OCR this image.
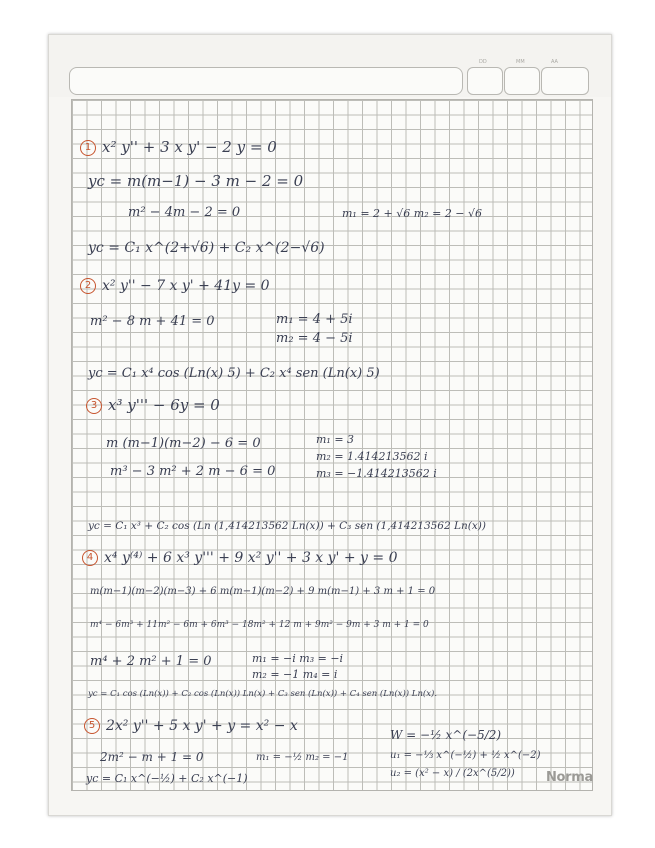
DD	MM	AA
1 x² y'' + 3 x y' − 2 y = 0
yc = m(m−1) − 3 m − 2 = 0
m² − 4m − 2 = 0	m₁ = 2 + √6 m₂ = 2 − √6
yc = C₁ x^(2+√6) + C₂ x^(2−√6)
2 x² y'' − 7 x y' + 41y = 0
m² − 8 m + 41 = 0	m₁ = 4 + 5i
m₂ = 4 − 5i
yc = C₁ x⁴ cos (Ln(x) 5) + C₂ x⁴ sen (Ln(x) 5)
3 x³ y''' − 6y = 0
m (m−1)(m−2) − 6 = 0	m₁ = 3
m₂ = 1.414213562 i
m³ − 3 m² + 2 m − 6 = 0	m₃ = −1.414213562 i
yc = C₁ x³ + C₂ cos (Ln (1,414213562 Ln(x)) + C₃ sen (1,414213562 Ln(x))
4 x⁴ y⁽⁴⁾ + 6 x³ y''' + 9 x² y'' + 3 x y' + y = 0
m(m−1)(m−2)(m−3) + 6 m(m−1)(m−2) + 9 m(m−1) + 3 m + 1 = 0
m⁴ − 6m³ + 11m² − 6m + 6m³ − 18m² + 12 m + 9m² − 9m + 3 m + 1 = 0
m⁴ + 2 m² + 1 = 0	m₁ = −i m₃ = −i
m₂ = −1 m₄ = i
yc = C₁ cos (Ln(x)) + C₂ cos (Ln(x)) Ln(x) + C₃ sen (Ln(x)) + C₄ sen (Ln(x)) Ln(x).
5 2x² y'' + 5 x y' + y = x² − x
W = −½ x^(−5/2)
2m² − m + 1 = 0	m₁ = −½ m₂ = −1	u₁ = −⅓ x^(−½) + ½ x^(−2)
yc = C₁ x^(−½) + C₂ x^(−1)	u₂ = (x² − x) / (2x^(5/2)) Norma
